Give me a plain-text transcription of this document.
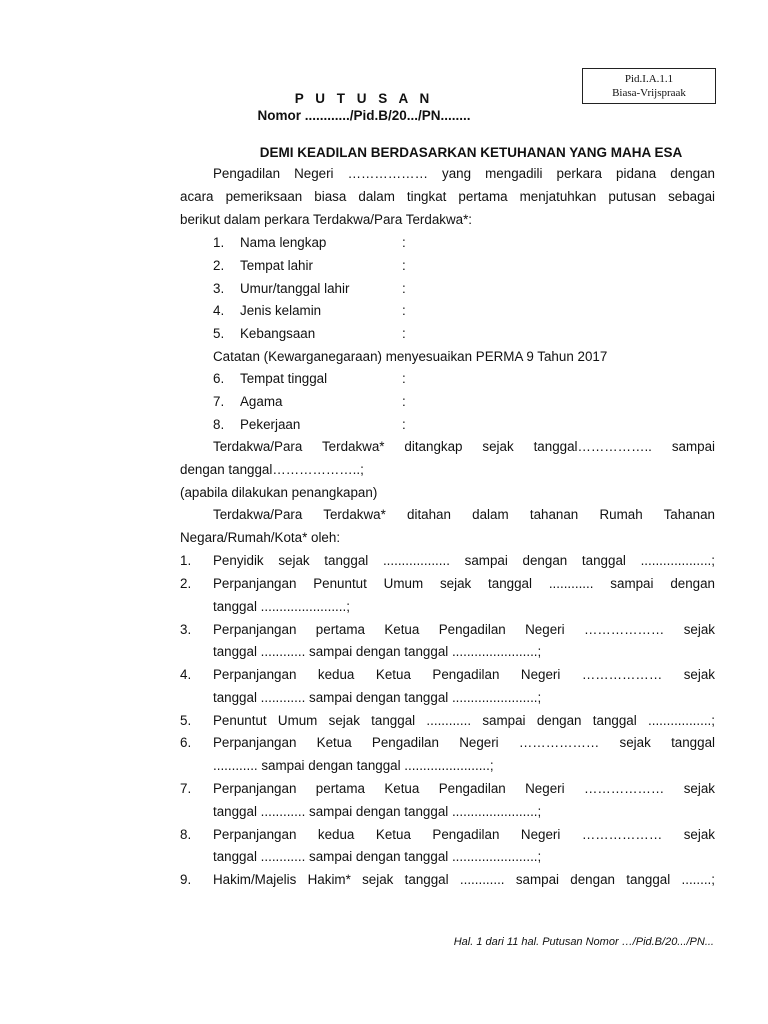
Pid.I.A.1.1
Biasa-Vrijspraak
P U T U S A N
Nomor ............/Pid.B/20.../PN........
DEMI KEADILAN BERDASARKAN KETUHANAN YANG MAHA ESA
Pengadilan Negeri ……………… yang mengadili perkara pidana dengan
acara pemeriksaan biasa dalam tingkat pertama menjatuhkan putusan sebagai
berikut dalam perkara Terdakwa/Para Terdakwa*:
1. Nama lengkap	:
2. Tempat lahir	:
3. Umur/tanggal lahir	:
4. Jenis kelamin	:
5. Kebangsaan	:
Catatan (Kewarganegaraan) menyesuaikan PERMA 9 Tahun 2017
6. Tempat tinggal	:
7. Agama	:
8. Pekerjaan	:
Terdakwa/Para Terdakwa* ditangkap sejak tanggal…………….. sampai
dengan tanggal………………..;
(apabila dilakukan penangkapan)
Terdakwa/Para Terdakwa* ditahan dalam tahanan Rumah Tahanan
Negara/Rumah/Kota* oleh:
1. Penyidik sejak tanggal .................. sampai dengan tanggal ...................;
2. Perpanjangan Penuntut Umum sejak tanggal ............ sampai dengan
tanggal .......................;
3. Perpanjangan pertama Ketua Pengadilan Negeri ……………… sejak
tanggal ............ sampai dengan tanggal .......................;
4. Perpanjangan kedua Ketua Pengadilan Negeri ……………… sejak
tanggal ............ sampai dengan tanggal .......................;
5. Penuntut Umum sejak tanggal ............ sampai dengan tanggal .................;
6. Perpanjangan Ketua Pengadilan Negeri ……………… sejak tanggal
............ sampai dengan tanggal .......................;
7. Perpanjangan pertama Ketua Pengadilan Negeri ……………… sejak
tanggal ............ sampai dengan tanggal .......................;
8. Perpanjangan kedua Ketua Pengadilan Negeri ……………… sejak
tanggal ............ sampai dengan tanggal .......................;
9. Hakim/Majelis Hakim* sejak tanggal ............ sampai dengan tanggal ........;
Hal. 1 dari 11 hal. Putusan Nomor …/Pid.B/20.../PN...
